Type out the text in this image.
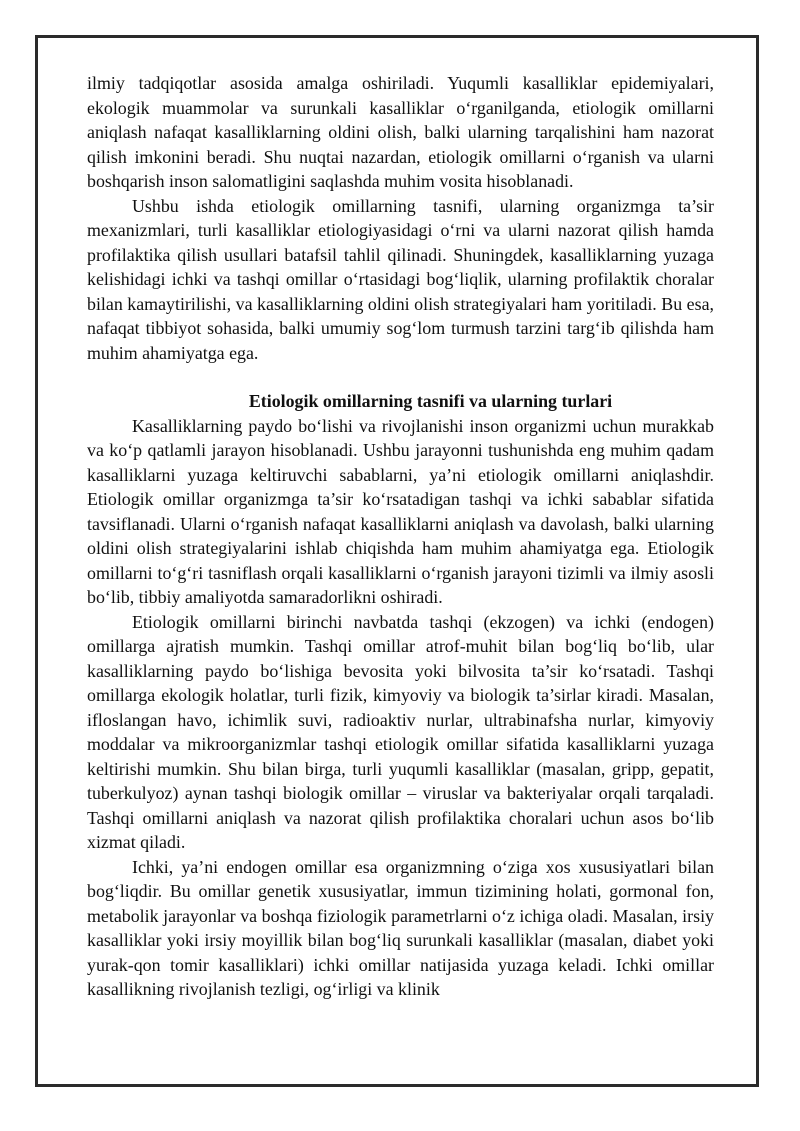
ilmiy tadqiqotlar asosida amalga oshiriladi. Yuqumli kasalliklar epidemiyalari, ekologik muammolar va surunkali kasalliklar o‘rganilganda, etiologik omillarni aniqlash nafaqat kasalliklarning oldini olish, balki ularning tarqalishini ham nazorat qilish imkonini beradi. Shu nuqtai nazardan, etiologik omillarni o‘rganish va ularni boshqarish inson salomatligini saqlashda muhim vosita hisoblanadi.

Ushbu ishda etiologik omillarning tasnifi, ularning organizmga ta’sir mexanizmlari, turli kasalliklar etiologiyasidagi o‘rni va ularni nazorat qilish hamda profilaktika qilish usullari batafsil tahlil qilinadi. Shuningdek, kasalliklarning yuzaga kelishidagi ichki va tashqi omillar o‘rtasidagi bog‘liqlik, ularning profilaktik choralar bilan kamaytirilishi, va kasalliklarning oldini olish strategiyalari ham yoritiladi. Bu esa, nafaqat tibbiyot sohasida, balki umumiy sog‘lom turmush tarzini targ‘ib qilishda ham muhim ahamiyatga ega.

Etiologik omillarning tasnifi va ularning turlari

Kasalliklarning paydo bo‘lishi va rivojlanishi inson organizmi uchun murakkab va ko‘p qatlamli jarayon hisoblanadi. Ushbu jarayonni tushunishda eng muhim qadam kasalliklarni yuzaga keltiruvchi sabablarni, ya’ni etiologik omillarni aniqlashdir. Etiologik omillar organizmga ta’sir ko‘rsatadigan tashqi va ichki sabablar sifatida tavsiflanadi. Ularni o‘rganish nafaqat kasalliklarni aniqlash va davolash, balki ularning oldini olish strategiyalarini ishlab chiqishda ham muhim ahamiyatga ega. Etiologik omillarni to‘g‘ri tasniflash orqali kasalliklarni o‘rganish jarayoni tizimli va ilmiy asosli bo‘lib, tibbiy amaliyotda samaradorlikni oshiradi.

Etiologik omillarni birinchi navbatda tashqi (ekzogen) va ichki (endogen) omillarga ajratish mumkin. Tashqi omillar atrof-muhit bilan bog‘liq bo‘lib, ular kasalliklarning paydo bo‘lishiga bevosita yoki bilvosita ta’sir ko‘rsatadi. Tashqi omillarga ekologik holatlar, turli fizik, kimyoviy va biologik ta’sirlar kiradi. Masalan, ifloslangan havo, ichimlik suvi, radioaktiv nurlar, ultrabinafsha nurlar, kimyoviy moddalar va mikroorganizmlar tashqi etiologik omillar sifatida kasalliklarni yuzaga keltirishi mumkin. Shu bilan birga, turli yuqumli kasalliklar (masalan, gripp, gepatit, tuberkulyoz) aynan tashqi biologik omillar – viruslar va bakteriyalar orqali tarqaladi. Tashqi omillarni aniqlash va nazorat qilish profilaktika choralari uchun asos bo‘lib xizmat qiladi.

Ichki, ya’ni endogen omillar esa organizmning o‘ziga xos xususiyatlari bilan bog‘liqdir. Bu omillar genetik xususiyatlar, immun tizimining holati, gormonal fon, metabolik jarayonlar va boshqa fiziologik parametrlarni o‘z ichiga oladi. Masalan, irsiy kasalliklar yoki irsiy moyillik bilan bog‘liq surunkali kasalliklar (masalan, diabet yoki yurak-qon tomir kasalliklari) ichki omillar natijasida yuzaga keladi. Ichki omillar kasallikning rivojlanish tezligi, og‘irligi va klinik
